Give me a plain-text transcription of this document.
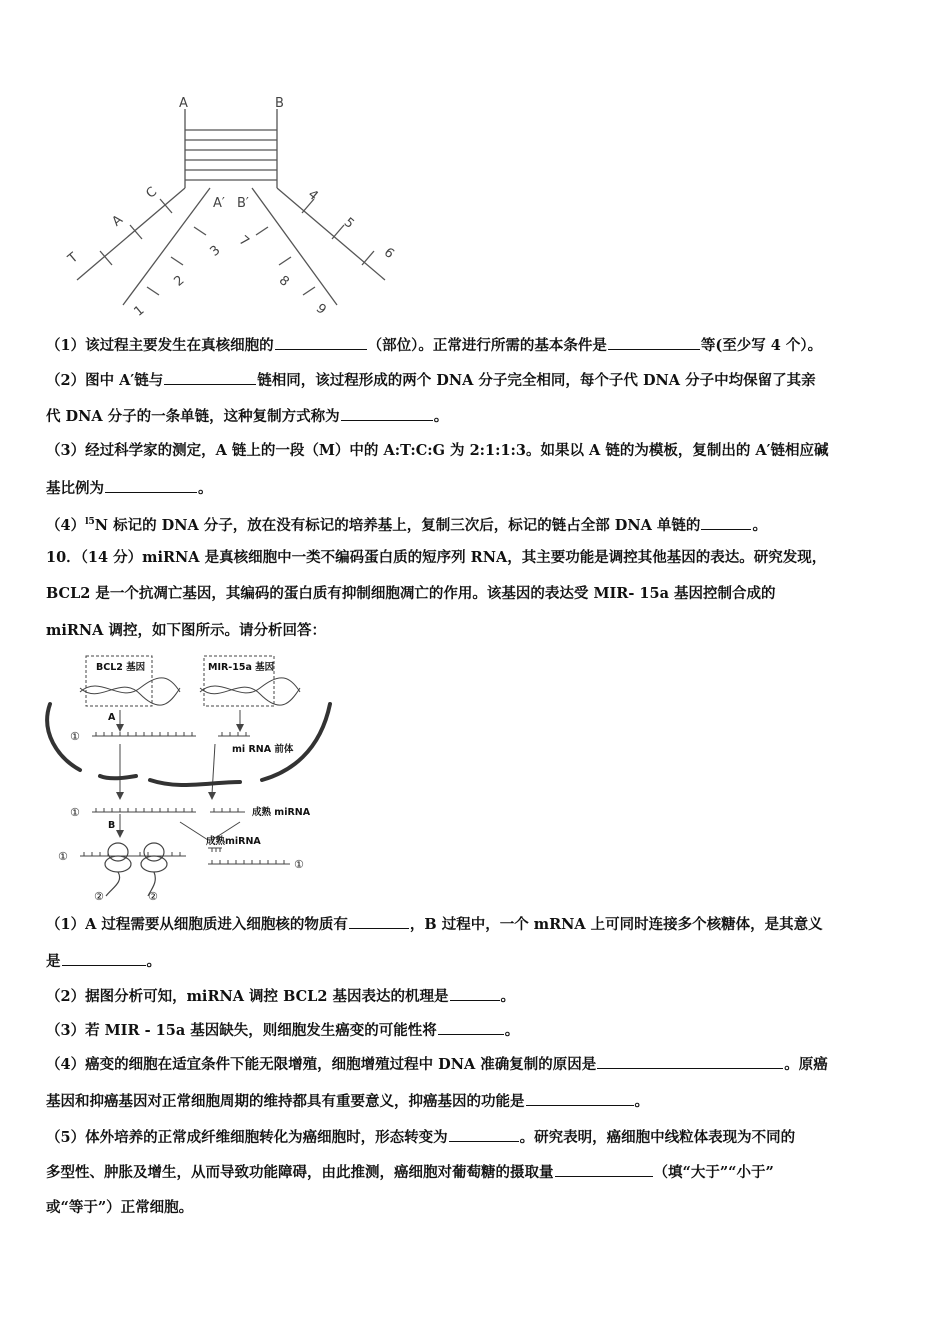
A	B
A′ B′
C
A
T	3
2
1
4
5
6
7
8
9
（1）该过程主要发生在真核细胞的	（部位）。正常进行所需的基本条件是	等(至少写 4 个）。
（2）图中 A′链与	链相同，该过程形成的两个 DNA 分子完全相同，每个子代 DNA 分子中均保留了其亲
代 DNA 分子的一条单链，这种复制方式称为	。
（3）经过科学家的测定，A 链上的一段（M）中的 A:T:C:G 为 2:1:1:3。如果以 A 链的为模板，复制出的 A′链相应碱
基比例为	。
$(4)^{l5}N$ 标记的 DNA 分子，放在没有标记的培养基上，复制三次后，标记的链占全部 DNA 单链的	。
10．（14 分）miRNA 是真核细胞中一类不编码蛋白质的短序列 RNA，其主要功能是调控其他基因的表达。研究发现，
BCL2 是一个抗凋亡基因，其编码的蛋白质有抑制细胞凋亡的作用。该基因的表达受 MIR- 15a 基因控制合成的
miRNA 调控，如下图所示。请分析回答：
BCL2 基因	MIR-15a 基因
A
B
mi RNA 前体
成熟 miRNA
成熟miRNA
①
①
①
①
②	②
（1）A 过程需要从细胞质进入细胞核的物质有	，B 过程中，一个 mRNA 上可同时连接多个核糖体，是其意义
是	。
（2）据图分析可知，miRNA 调控 BCL2 基因表达的机理是	。
（3）若 MIR - 15a 基因缺失，则细胞发生癌变的可能性将	。
（4）癌变的细胞在适宜条件下能无限增殖，细胞增殖过程中 DNA 准确复制的原因是	。原癌
基因和抑癌基因对正常细胞周期的维持都具有重要意义，抑癌基因的功能是	。
（5）体外培养的正常成纤维细胞转化为癌细胞时，形态转变为	。研究表明，癌细胞中线粒体表现为不同的
多型性、肿胀及增生，从而导致功能障碍，由此推测，癌细胞对葡萄糖的摄取量	（填“大于”“小于”
或“等于”）正常细胞。
